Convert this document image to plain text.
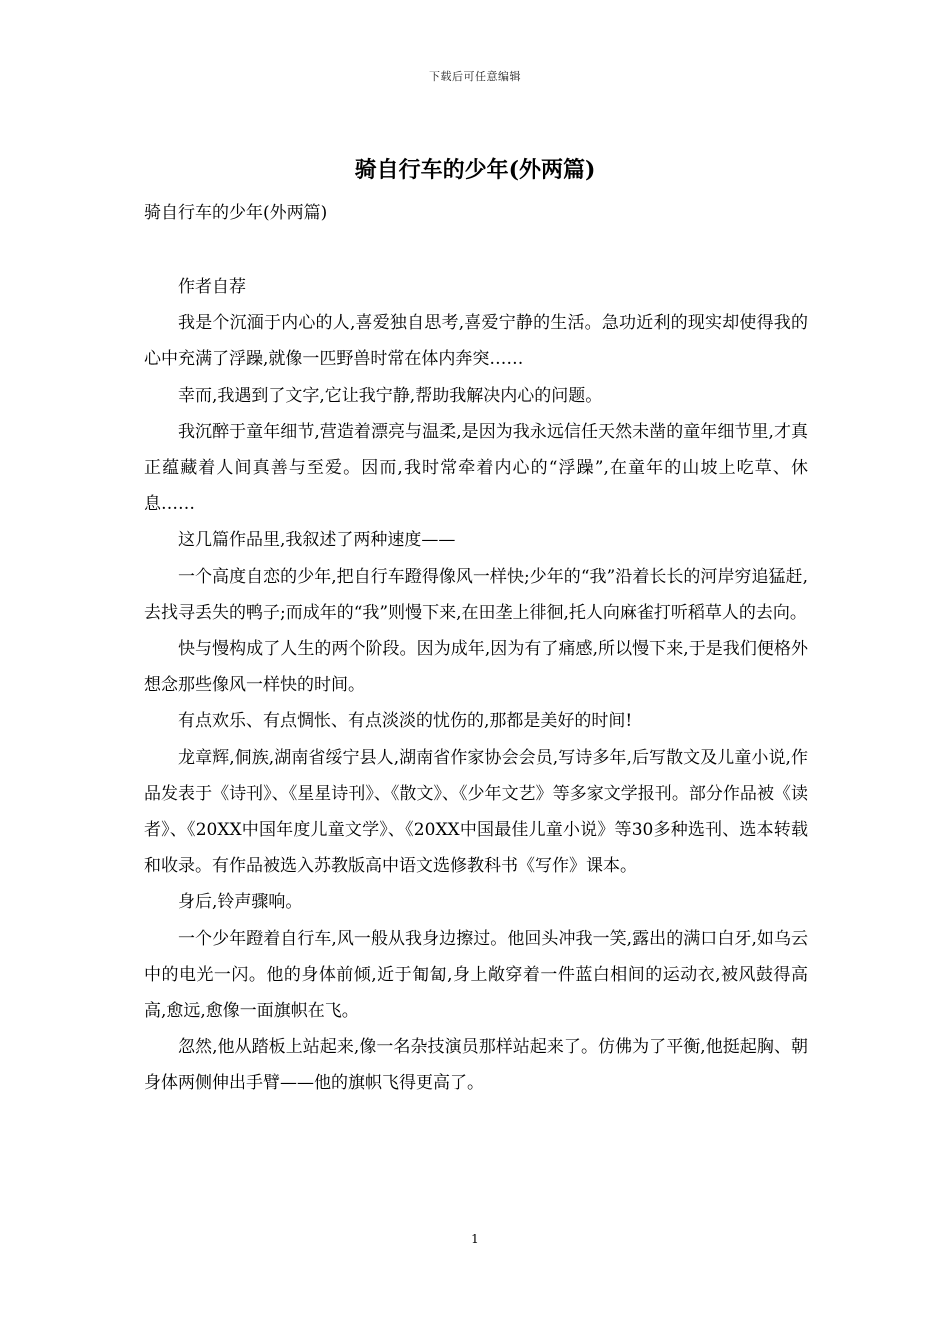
下载后可任意编辑
骑自行车的少年(外两篇)

骑自行车的少年(外两篇)

作者自荐

我是个沉湎于内心的人,喜爱独自思考,喜爱宁静的生活。急功近利的现实却使得我的心中充满了浮躁,就像一匹野兽时常在体内奔突……

幸而,我遇到了文字,它让我宁静,帮助我解决内心的问题。

我沉醉于童年细节,营造着漂亮与温柔,是因为我永远信任天然未凿的童年细节里,才真正蕴藏着人间真善与至爱。因而,我时常牵着内心的“浮躁”,在童年的山坡上吃草、休息……

这几篇作品里,我叙述了两种速度——

一个高度自恋的少年,把自行车蹬得像风一样快;少年的“我”沿着长长的河岸穷追猛赶,去找寻丢失的鸭子;而成年的“我”则慢下来,在田垄上徘徊,托人向麻雀打听稻草人的去向。

快与慢构成了人生的两个阶段。因为成年,因为有了痛感,所以慢下来,于是我们便格外想念那些像风一样快的时间。

有点欢乐、有点惆怅、有点淡淡的忧伤的,那都是美好的时间!

龙章辉,侗族,湖南省绥宁县人,湖南省作家协会会员,写诗多年,后写散文及儿童小说,作品发表于《诗刊》、《星星诗刊》、《散文》、《少年文艺》等多家文学报刊。部分作品被《读者》、《20XX中国年度儿童文学》、《20XX中国最佳儿童小说》等30多种选刊、选本转载和收录。有作品被选入苏教版高中语文选修教科书《写作》课本。

身后,铃声骤响。

一个少年蹬着自行车,风一般从我身边擦过。他回头冲我一笑,露出的满口白牙,如乌云中的电光一闪。他的身体前倾,近于匍匐,身上敞穿着一件蓝白相间的运动衣,被风鼓得高高,愈远,愈像一面旗帜在飞。

忽然,他从踏板上站起来,像一名杂技演员那样站起来了。仿佛为了平衡,他挺起胸、朝身体两侧伸出手臂——他的旗帜飞得更高了。

1
